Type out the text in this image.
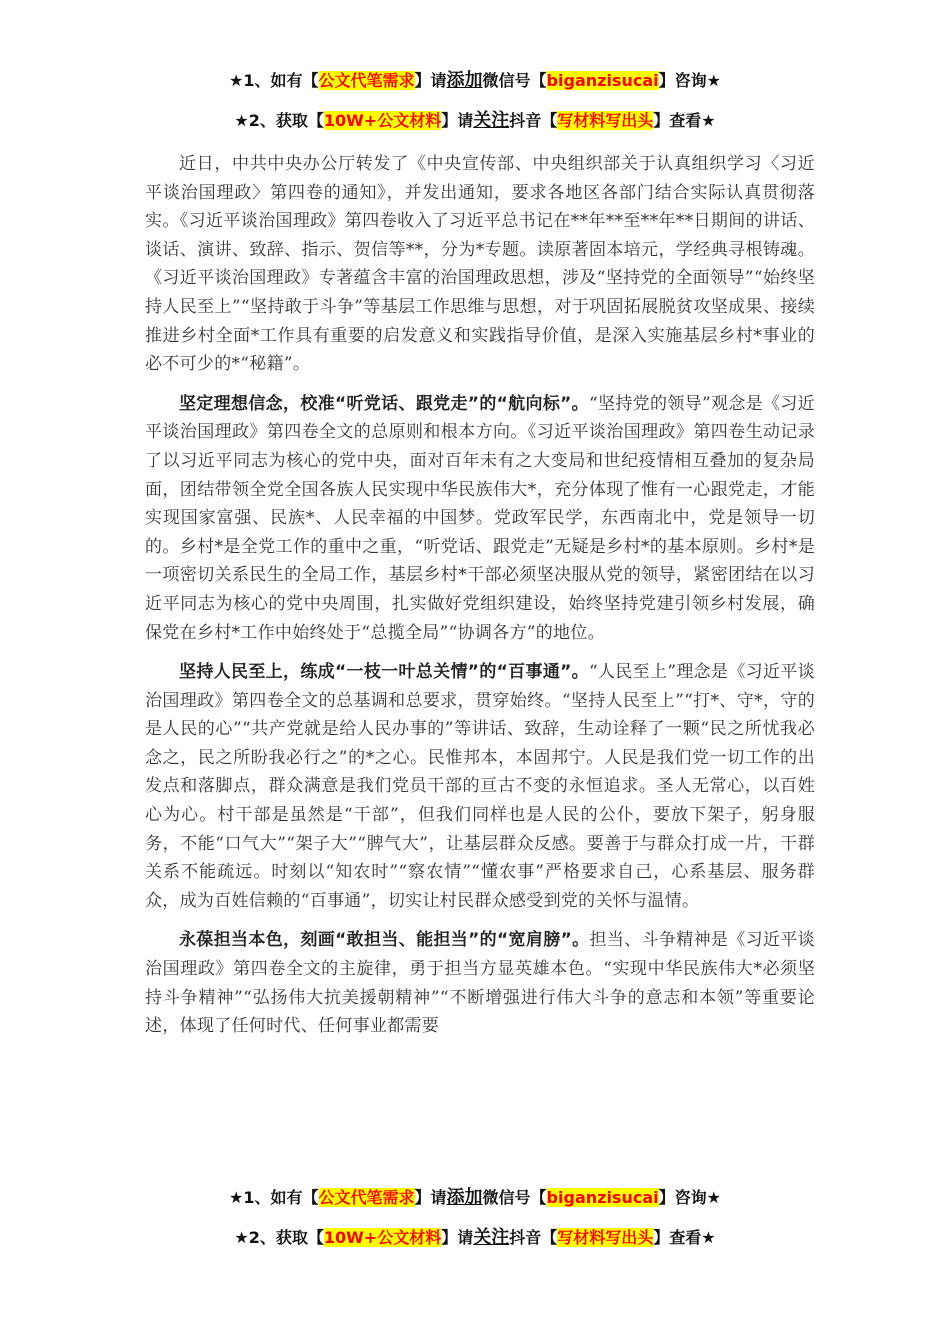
★1、如有【公文代笔需求】请添加微信号【biganzisucai】咨询★
★2、获取【10W+公文材料】请关注抖音【写材料写出头】查看★

近日，中共中央办公厅转发了《中央宣传部、中央组织部关于认真组织学习〈习近平谈治国理政〉第四卷的通知》，并发出通知，要求各地区各部门结合实际认真贯彻落实。《习近平谈治国理政》第四卷收入了习近平总书记在**年**至**年**日期间的讲话、谈话、演讲、致辞、指示、贺信等**，分为*专题。读原著固本培元，学经典寻根铸魂。《习近平谈治国理政》专著蕴含丰富的治国理政思想，涉及“坚持党的全面领导”“始终坚持人民至上”“坚持敢于斗争”等基层工作思维与思想，对于巩固拓展脱贫攻坚成果、接续推进乡村全面*工作具有重要的启发意义和实践指导价值，是深入实施基层乡村*事业的必不可少的*“秘籍”。

坚定理想信念，校准“听党话、跟党走”的“航向标”。“坚持党的领导”观念是《习近平谈治国理政》第四卷全文的总原则和根本方向。《习近平谈治国理政》第四卷生动记录了以习近平同志为核心的党中央，面对百年未有之大变局和世纪疫情相互叠加的复杂局面，团结带领全党全国各族人民实现中华民族伟大*，充分体现了惟有一心跟党走，才能实现国家富强、民族*、人民幸福的中国梦。党政军民学，东西南北中，党是领导一切的。乡村*是全党工作的重中之重，“听党话、跟党走”无疑是乡村*的基本原则。乡村*是一项密切关系民生的全局工作，基层乡村*干部必须坚决服从党的领导，紧密团结在以习近平同志为核心的党中央周围，扎实做好党组织建设，始终坚持党建引领乡村发展，确保党在乡村*工作中始终处于“总揽全局”“协调各方”的地位。

坚持人民至上，练成“一枝一叶总关情”的“百事通”。“人民至上”理念是《习近平谈治国理政》第四卷全文的总基调和总要求，贯穿始终。“坚持人民至上”“打*、守*，守的是人民的心”“共产党就是给人民办事的”等讲话、致辞，生动诠释了一颗“民之所忧我必念之，民之所盼我必行之”的*之心。民惟邦本，本固邦宁。人民是我们党一切工作的出发点和落脚点，群众满意是我们党员干部的亘古不变的永恒追求。圣人无常心，以百姓心为心。村干部是虽然是“干部”，但我们同样也是人民的公仆，要放下架子，躬身服务，不能“口气大”“架子大”“脾气大”，让基层群众反感。要善于与群众打成一片，干群关系不能疏远。时刻以“知农时”“察农情”“懂农事”严格要求自己，心系基层、服务群众，成为百姓信赖的“百事通”，切实让村民群众感受到党的关怀与温情。

永葆担当本色，刻画“敢担当、能担当”的“宽肩膀”。担当、斗争精神是《习近平谈治国理政》第四卷全文的主旋律，勇于担当方显英雄本色。“实现中华民族伟大*必须坚持斗争精神”“弘扬伟大抗美援朝精神”“不断增强进行伟大斗争的意志和本领”等重要论述，体现了任何时代、任何事业都需要

★1、如有【公文代笔需求】请添加微信号【biganzisucai】咨询★
★2、获取【10W+公文材料】请关注抖音【写材料写出头】查看★
